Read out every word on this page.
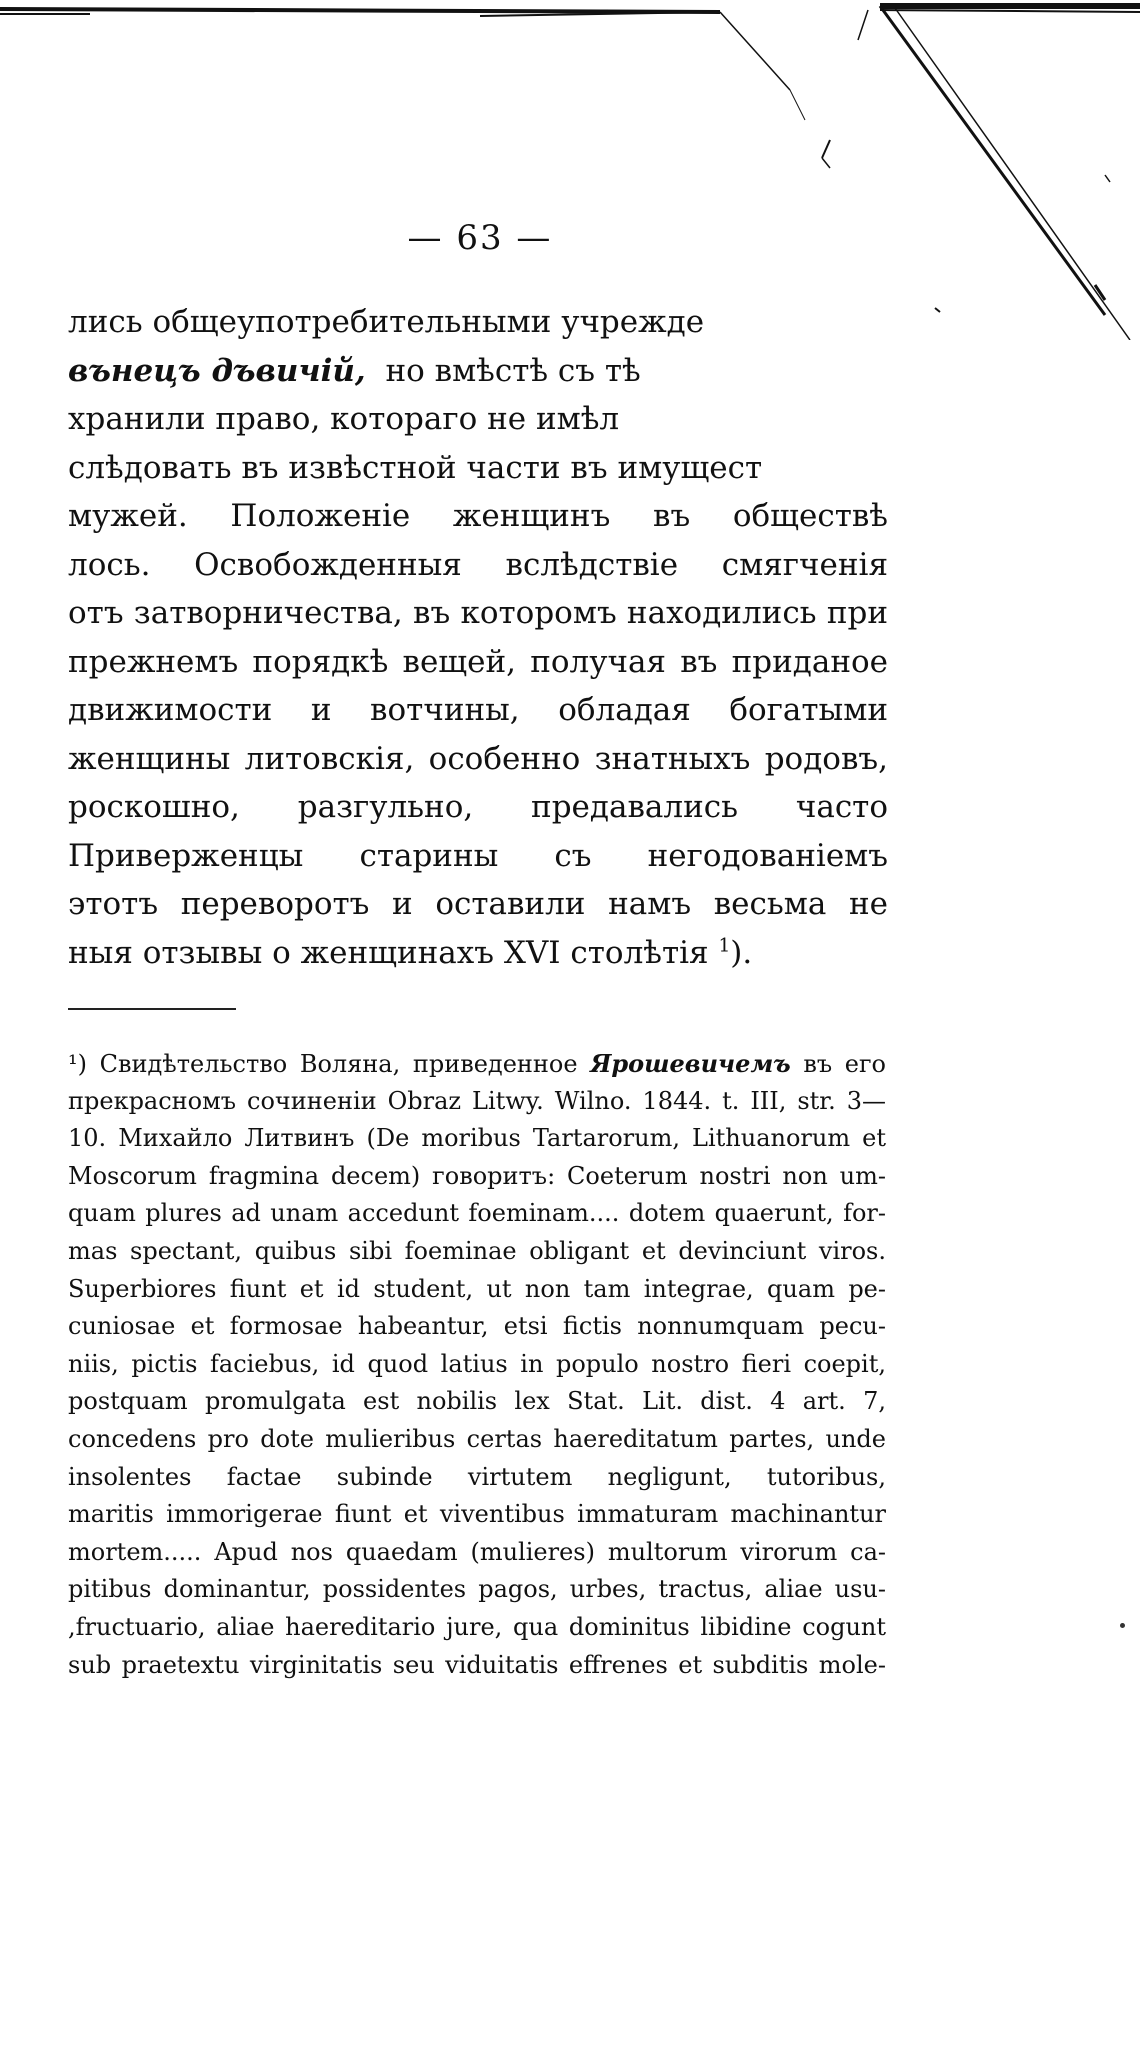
— 63 —
лись общеупотребительными учрежде
вънецъ дъвичій, но вмѣстѣ съ тѣ
хранили право, котораго не имѣл
слѣдовать въ извѣстной части въ имущест
мужей. Положеніе женщинъ въ обществѣ
лось. Освобожденныя вслѣдствіе смягченія
отъ затворничества, въ которомъ находились при
прежнемъ порядкѣ вещей, получая въ приданое
движимости и вотчины, обладая богатыми
женщины литовскія, особенно знатныхъ родовъ,
роскошно, разгульно, предавались часто
Приверженцы старины съ негодованіемъ
этотъ переворотъ и оставили намъ весьма не
ныя отзывы о женщинахъ XVI столѣтія $^1$).
¹) Свидѣтельство Воляна, приведенное Ярошевичемъ въ его
прекрасномъ сочиненіи Obraz Litwy. Wilno. 1844. t. III, str. 3—
10. Михайло Литвинъ (De moribus Tartarorum, Lithuanorum et
Moscorum fragmina decem) говоритъ: Coeterum nostri non um-
quam plures ad unam accedunt foeminam.... dotem quaerunt, for-
mas spectant, quibus sibi foeminae obligant et devinciunt viros.
Superbiores fiunt et id student, ut non tam integrae, quam pe-
cuniosae et formosae habeantur, etsi fictis nonnumquam pecu-
niis, pictis faciebus, id quod latius in populo nostro fieri coepit,
postquam promulgata est nobilis lex Stat. Lit. dist. 4 art. 7,
concedens pro dote mulieribus certas haereditatum partes, unde
insolentes factae subinde virtutem negligunt, tutoribus,
maritis immorigerae fiunt et viventibus immaturam machinantur
mortem..... Apud nos quaedam (mulieres) multorum virorum ca-
pitibus dominantur, possidentes pagos, urbes, tractus, aliae usu-
,fructuario, aliae haereditario jure, qua dominitus libidine cogunt
sub praetextu virginitatis seu viduitatis effrenes et subditis mole-
